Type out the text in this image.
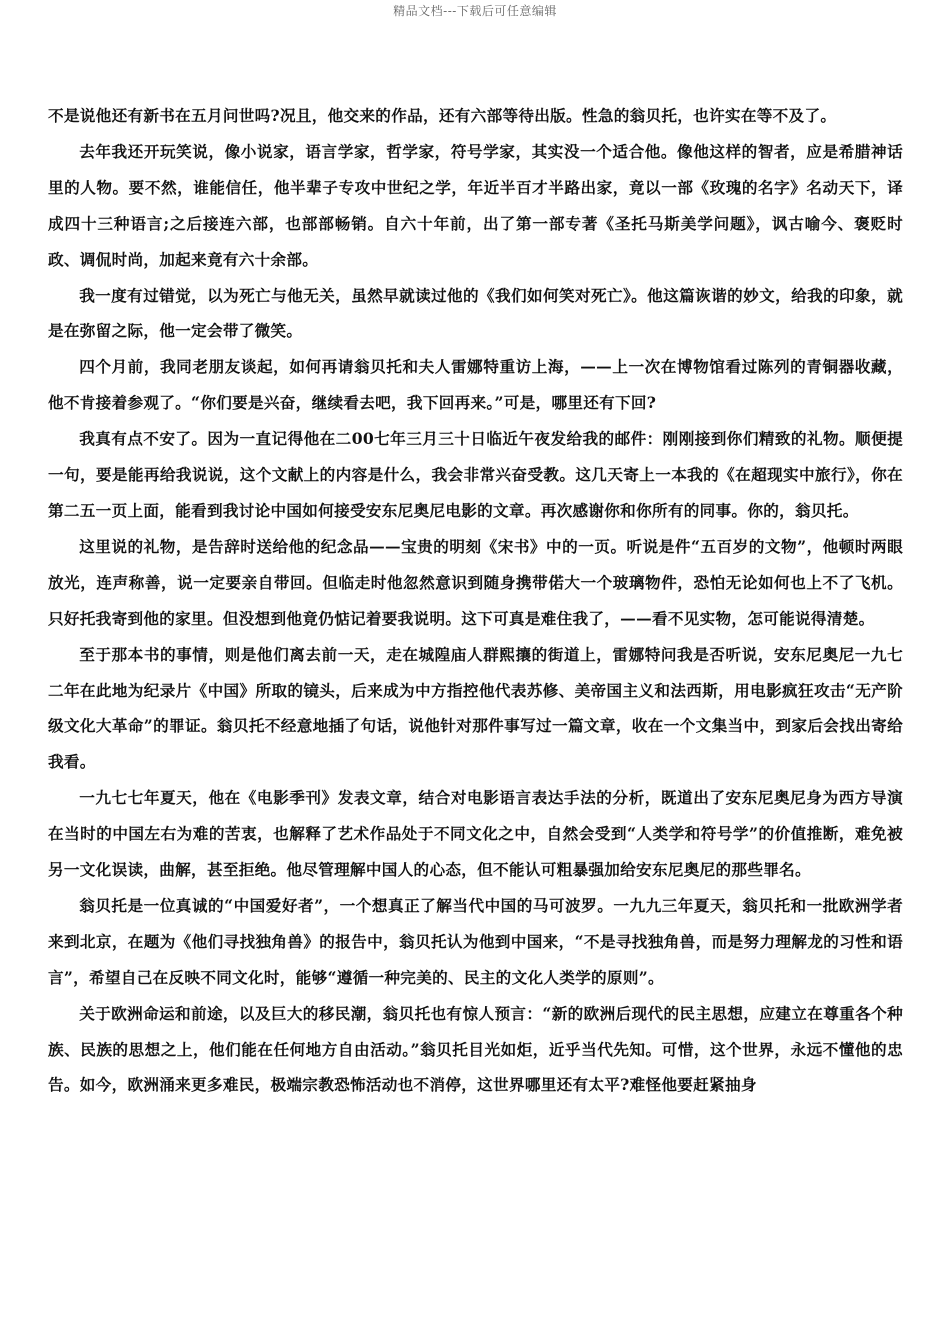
精品文档---下载后可任意编辑

不是说他还有新书在五月问世吗?况且，他交来的作品，还有六部等待出版。性急的翁贝托，也许实在等不及了。

去年我还开玩笑说，像小说家，语言学家，哲学家，符号学家，其实没一个适合他。像他这样的智者，应是希腊神话里的人物。要不然，谁能信任，他半辈子专攻中世纪之学，年近半百才半路出家，竟以一部《玫瑰的名字》名动天下，译成四十三种语言;之后接连六部，也部部畅销。自六十年前，出了第一部专著《圣托马斯美学问题》，讽古喻今、褒贬时政、调侃时尚，加起来竟有六十余部。

我一度有过错觉，以为死亡与他无关，虽然早就读过他的《我们如何笑对死亡》。他这篇诙谐的妙文，给我的印象，就是在弥留之际，他一定会带了微笑。

四个月前，我同老朋友谈起，如何再请翁贝托和夫人雷娜特重访上海，——上一次在博物馆看过陈列的青铜器收藏，他不肯接着参观了。“你们要是兴奋，继续看去吧，我下回再来。”可是，哪里还有下回?

我真有点不安了。因为一直记得他在二00七年三月三十日临近午夜发给我的邮件：刚刚接到你们精致的礼物。顺便提一句，要是能再给我说说，这个文献上的内容是什么，我会非常兴奋受教。这几天寄上一本我的《在超现实中旅行》，你在第二五一页上面，能看到我讨论中国如何接受安东尼奥尼电影的文章。再次感谢你和你所有的同事。你的，翁贝托。

这里说的礼物，是告辞时送给他的纪念品——宝贵的明刻《宋书》中的一页。听说是件“五百岁的文物”，他顿时两眼放光，连声称善，说一定要亲自带回。但临走时他忽然意识到随身携带偌大一个玻璃物件，恐怕无论如何也上不了飞机。只好托我寄到他的家里。但没想到他竟仍惦记着要我说明。这下可真是难住我了，——看不见实物，怎可能说得清楚。

至于那本书的事情，则是他们离去前一天，走在城隍庙人群熙攘的街道上，雷娜特问我是否听说，安东尼奥尼一九七二年在此地为纪录片《中国》所取的镜头，后来成为中方指控他代表苏修、美帝国主义和法西斯，用电影疯狂攻击“无产阶级文化大革命”的罪证。翁贝托不经意地插了句话，说他针对那件事写过一篇文章，收在一个文集当中，到家后会找出寄给我看。

一九七七年夏天，他在《电影季刊》发表文章，结合对电影语言表达手法的分析，既道出了安东尼奥尼身为西方导演在当时的中国左右为难的苦衷，也解释了艺术作品处于不同文化之中，自然会受到“人类学和符号学”的价值推断，难免被另一文化误读，曲解，甚至拒绝。他尽管理解中国人的心态，但不能认可粗暴强加给安东尼奥尼的那些罪名。

翁贝托是一位真诚的“中国爱好者”，一个想真正了解当代中国的马可波罗。一九九三年夏天，翁贝托和一批欧洲学者来到北京，在题为《他们寻找独角兽》的报告中，翁贝托认为他到中国来，“不是寻找独角兽，而是努力理解龙的习性和语言”，希望自己在反映不同文化时，能够“遵循一种完美的、民主的文化人类学的原则”。

关于欧洲命运和前途，以及巨大的移民潮，翁贝托也有惊人预言：“新的欧洲后现代的民主思想，应建立在尊重各个种族、民族的思想之上，他们能在任何地方自由活动。”翁贝托目光如炬，近乎当代先知。可惜，这个世界，永远不懂他的忠告。如今，欧洲涌来更多难民，极端宗教恐怖活动也不消停，这世界哪里还有太平?难怪他要赶紧抽身
